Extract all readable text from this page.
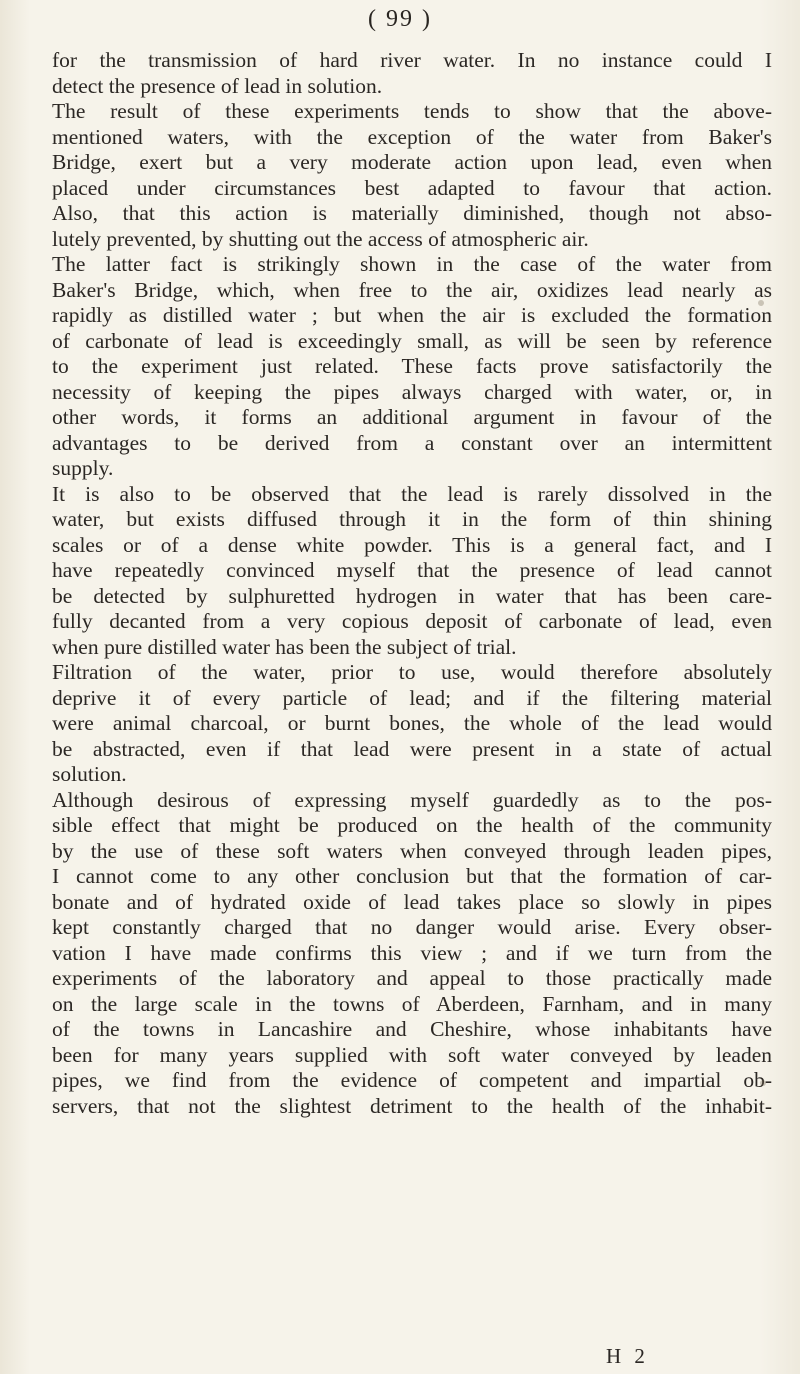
( 99 )
for the transmission of hard river water. In no instance could I
detect the presence of lead in solution.
The result of these experiments tends to show that the above-
mentioned waters, with the exception of the water from Baker's
Bridge, exert but a very moderate action upon lead, even when
placed under circumstances best adapted to favour that action.
Also, that this action is materially diminished, though not abso-
lutely prevented, by shutting out the access of atmospheric air.
The latter fact is strikingly shown in the case of the water from
Baker's Bridge, which, when free to the air, oxidizes lead nearly as
rapidly as distilled water ; but when the air is excluded the formation
of carbonate of lead is exceedingly small, as will be seen by reference
to the experiment just related. These facts prove satisfactorily the
necessity of keeping the pipes always charged with water, or, in
other words, it forms an additional argument in favour of the
advantages to be derived from a constant over an intermittent
supply.
It is also to be observed that the lead is rarely dissolved in the
water, but exists diffused through it in the form of thin shining
scales or of a dense white powder. This is a general fact, and I
have repeatedly convinced myself that the presence of lead cannot
be detected by sulphuretted hydrogen in water that has been care-
fully decanted from a very copious deposit of carbonate of lead, even
when pure distilled water has been the subject of trial.
Filtration of the water, prior to use, would therefore absolutely
deprive it of every particle of lead; and if the filtering material
were animal charcoal, or burnt bones, the whole of the lead would
be abstracted, even if that lead were present in a state of actual
solution.
Although desirous of expressing myself guardedly as to the pos-
sible effect that might be produced on the health of the community
by the use of these soft waters when conveyed through leaden pipes,
I cannot come to any other conclusion but that the formation of car-
bonate and of hydrated oxide of lead takes place so slowly in pipes
kept constantly charged that no danger would arise. Every obser-
vation I have made confirms this view ; and if we turn from the
experiments of the laboratory and appeal to those practically made
on the large scale in the towns of Aberdeen, Farnham, and in many
of the towns in Lancashire and Cheshire, whose inhabitants have
been for many years supplied with soft water conveyed by leaden
pipes, we find from the evidence of competent and impartial ob-
servers, that not the slightest detriment to the health of the inhabit-
H 2
